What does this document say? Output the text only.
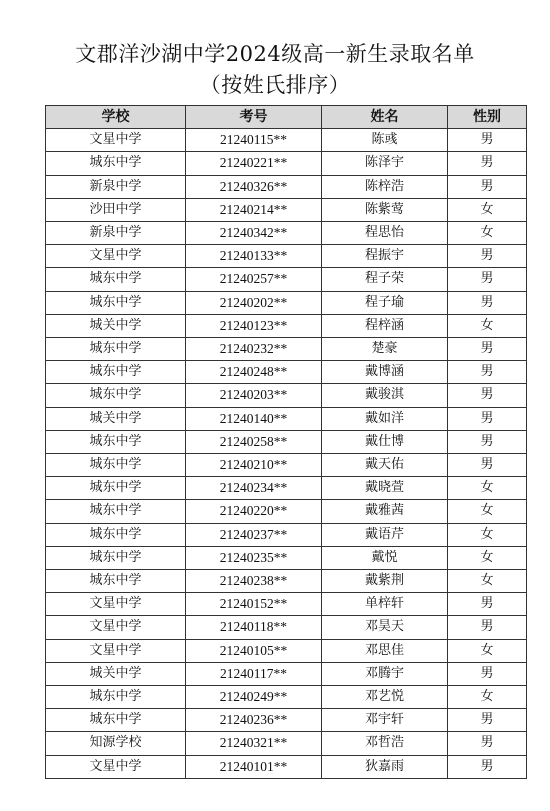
文郡洋沙湖中学2024级高一新生录取名单
（按姓氏排序）
学校	考号	姓名	性别
文星中学	21240115**	陈彧	男
城东中学	21240221**	陈泽宇	男
新泉中学	21240326**	陈梓浩	男
沙田中学	21240214**	陈紫莺	女
新泉中学	21240342**	程思怡	女
文星中学	21240133**	程振宇	男
城东中学	21240257**	程子荣	男
城东中学	21240202**	程子瑜	男
城关中学	21240123**	程梓涵	女
城东中学	21240232**	楚豪	男
城东中学	21240248**	戴博涵	男
城东中学	21240203**	戴骏淇	男
城关中学	21240140**	戴如洋	男
城东中学	21240258**	戴仕博	男
城东中学	21240210**	戴天佑	男
城东中学	21240234**	戴晓萱	女
城东中学	21240220**	戴雅茜	女
城东中学	21240237**	戴语芹	女
城东中学	21240235**	戴悦	女
城东中学	21240238**	戴紫荆	女
文星中学	21240152**	单梓轩	男
文星中学	21240118**	邓昊天	男
文星中学	21240105**	邓思佳	女
城关中学	21240117**	邓腾宇	男
城东中学	21240249**	邓艺悦	女
城东中学	21240236**	邓宇轩	男
知源学校	21240321**	邓哲浩	男
文星中学	21240101**	狄嘉雨	男
